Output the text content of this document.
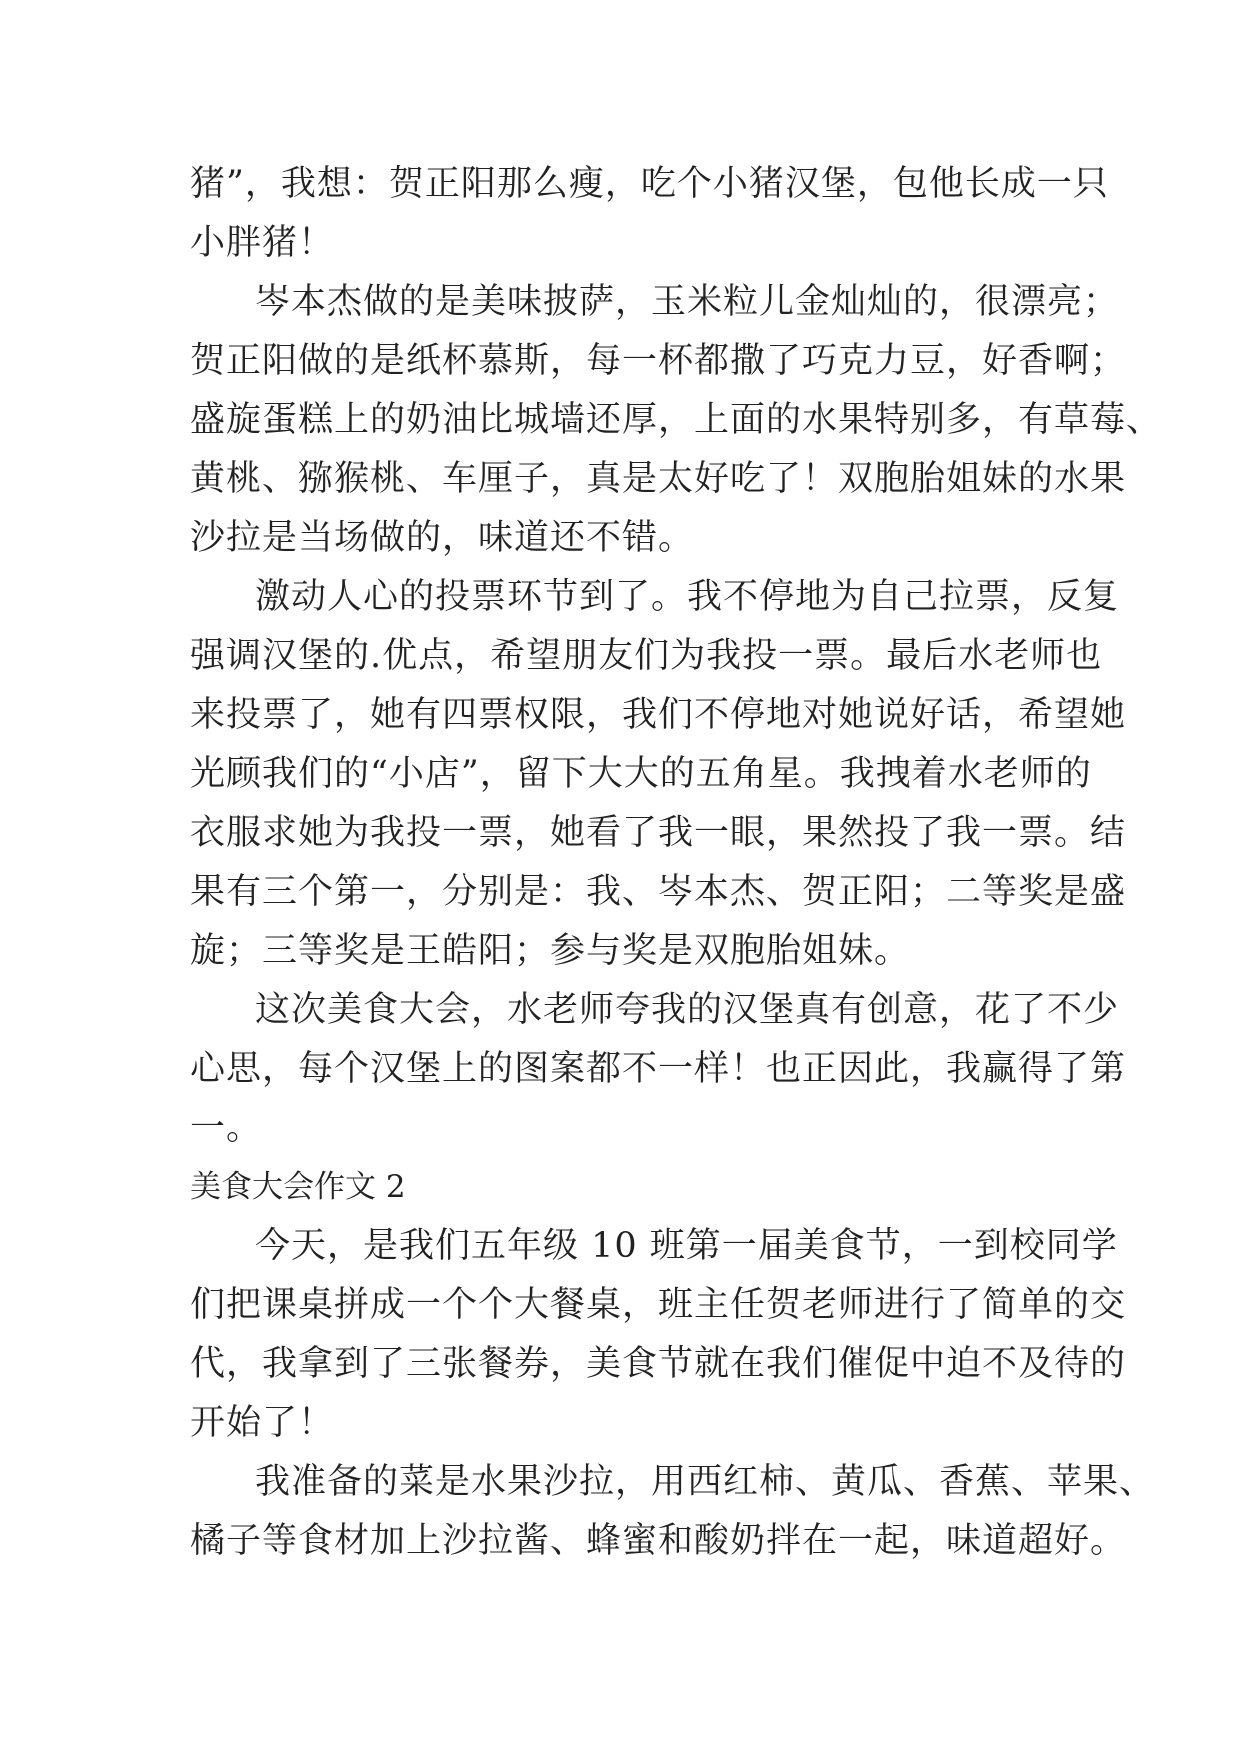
猪”，我想：贺正阳那么瘦，吃个小猪汉堡，包他长成一只
小胖猪！
岑本杰做的是美味披萨，玉米粒儿金灿灿的，很漂亮；
贺正阳做的是纸杯慕斯，每一杯都撒了巧克力豆，好香啊；
盛旋蛋糕上的奶油比城墙还厚，上面的水果特别多，有草莓、
黄桃、猕猴桃、车厘子，真是太好吃了！双胞胎姐妹的水果
沙拉是当场做的，味道还不错。
激动人心的投票环节到了。我不停地为自己拉票，反复
强调汉堡的.优点，希望朋友们为我投一票。最后水老师也
来投票了，她有四票权限，我们不停地对她说好话，希望她
光顾我们的“小店”，留下大大的五角星。我拽着水老师的
衣服求她为我投一票，她看了我一眼，果然投了我一票。结
果有三个第一，分别是：我、岑本杰、贺正阳；二等奖是盛
旋；三等奖是王皓阳；参与奖是双胞胎姐妹。
这次美食大会，水老师夸我的汉堡真有创意，花了不少
心思，每个汉堡上的图案都不一样！也正因此，我赢得了第
一。
美食大会作文 2
今天，是我们五年级 10 班第一届美食节，一到校同学
们把课桌拼成一个个大餐桌，班主任贺老师进行了简单的交
代，我拿到了三张餐券，美食节就在我们催促中迫不及待的
开始了！
我准备的菜是水果沙拉，用西红柿、黄瓜、香蕉、苹果、
橘子等食材加上沙拉酱、蜂蜜和酸奶拌在一起，味道超好。
